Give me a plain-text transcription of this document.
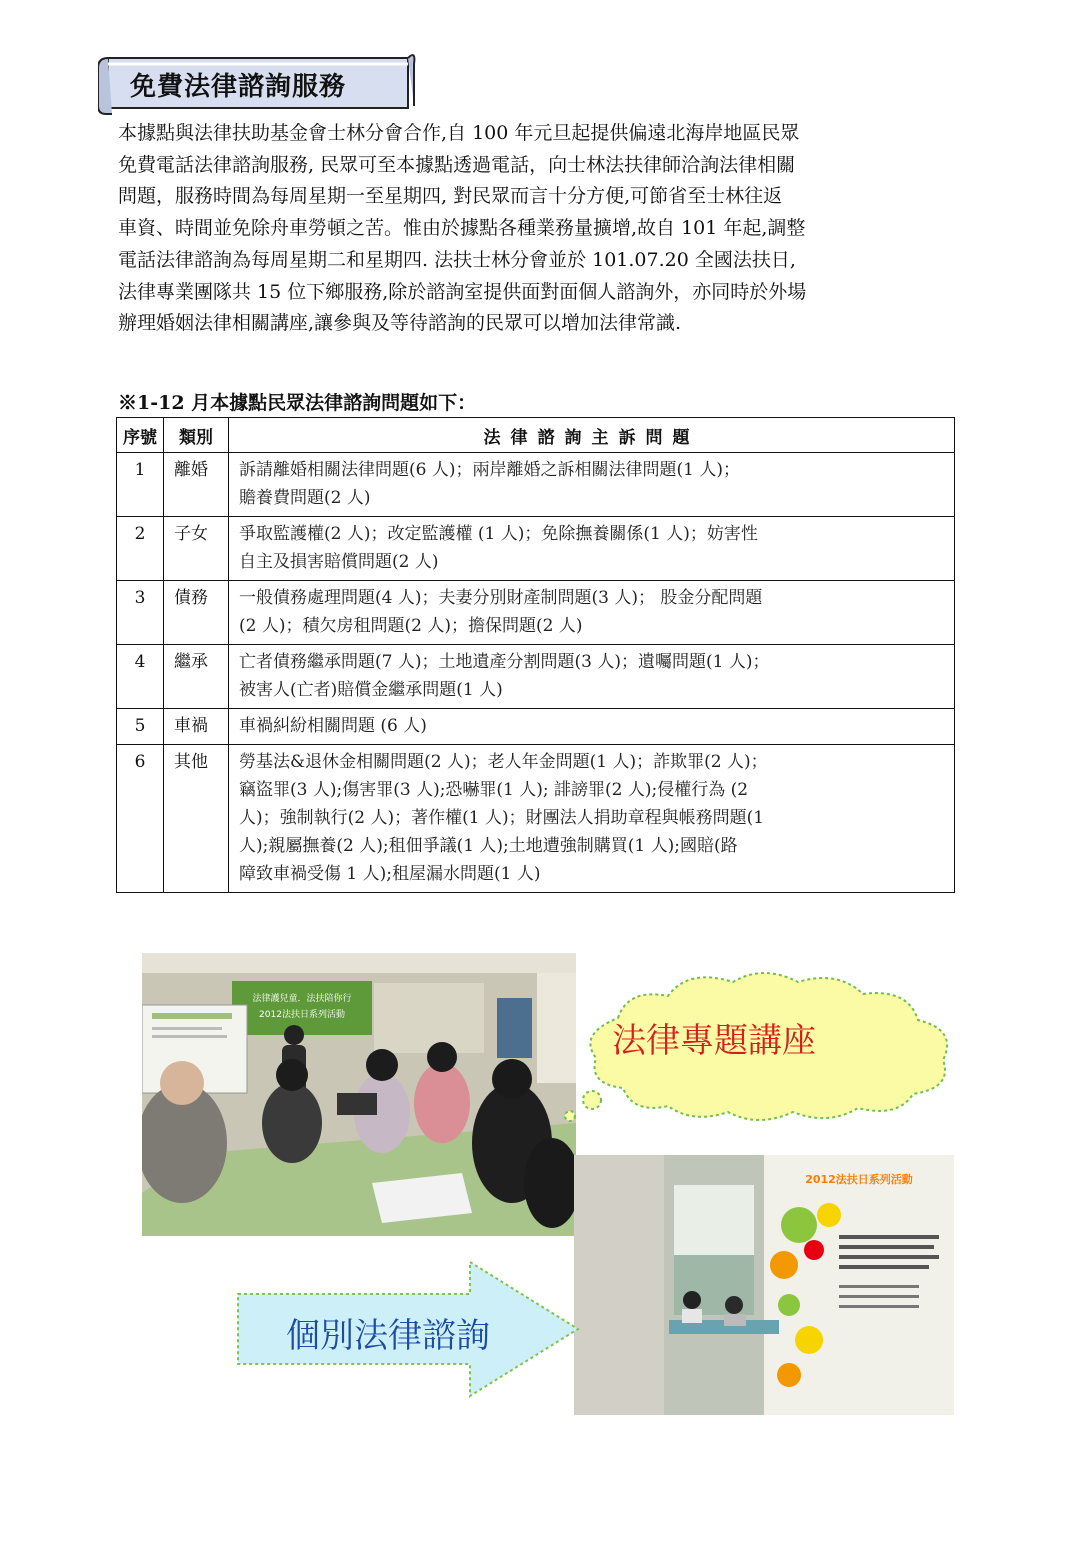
免費法律諮詢服務
本據點與法律扶助基金會士林分會合作,自 100 年元旦起提供偏遠北海岸地區民眾
免費電話法律諮詢服務, 民眾可至本據點透過電話，向士林法扶律師洽詢法律相關
問題，服務時間為每周星期一至星期四, 對民眾而言十分方便,可節省至士林往返
車資、時間並免除舟車勞頓之苦。惟由於據點各種業務量擴增,故自 101 年起,調整
電話法律諮詢為每周星期二和星期四. 法扶士林分會並於 101.07.20 全國法扶日,
法律專業團隊共 15 位下鄉服務,除於諮詢室提供面對面個人諮詢外，亦同時於外場
辦理婚姻法律相關講座,讓參與及等待諮詢的民眾可以增加法律常識.
※1-12 月本據點民眾法律諮詢問題如下：
序號	類別	法律諮詢主訴問題
1	離婚	訴請離婚相關法律問題(6 人)；兩岸離婚之訴相關法律問題(1 人)；
贍養費問題(2 人)

2	子女	爭取監護權(2 人)；改定監護權 (1 人)；免除撫養關係(1 人)；妨害性
自主及損害賠償問題(2 人)

3	債務	一般債務處理問題(4 人)；夫妻分別財產制問題(3 人)； 股金分配問題
(2 人)；積欠房租問題(2 人)；擔保問題(2 人)

4	繼承	亡者債務繼承問題(7 人)；土地遺產分割問題(3 人)；遺囑問題(1 人)；
被害人(亡者)賠償金繼承問題(1 人)

5	車禍	車禍糾紛相關問題 (6 人)

6	其他	勞基法&退休金相關問題(2 人)；老人年金問題(1 人)；詐欺罪(2 人)；
竊盜罪(3 人);傷害罪(3 人);恐嚇罪(1 人); 誹謗罪(2 人);侵權行為 (2
人)；強制執行(2 人)；著作權(1 人)；財團法人捐助章程與帳務問題(1
人);親屬撫養(2 人);租佃爭議(1 人);土地遭強制購買(1 人);國賠(路
障致車禍受傷 1 人);租屋漏水問題(1 人)
法律護兒童．法扶陪你行
2012法扶日系列活動
2012法扶日系列活動
法律專題講座
個別法律諮詢
